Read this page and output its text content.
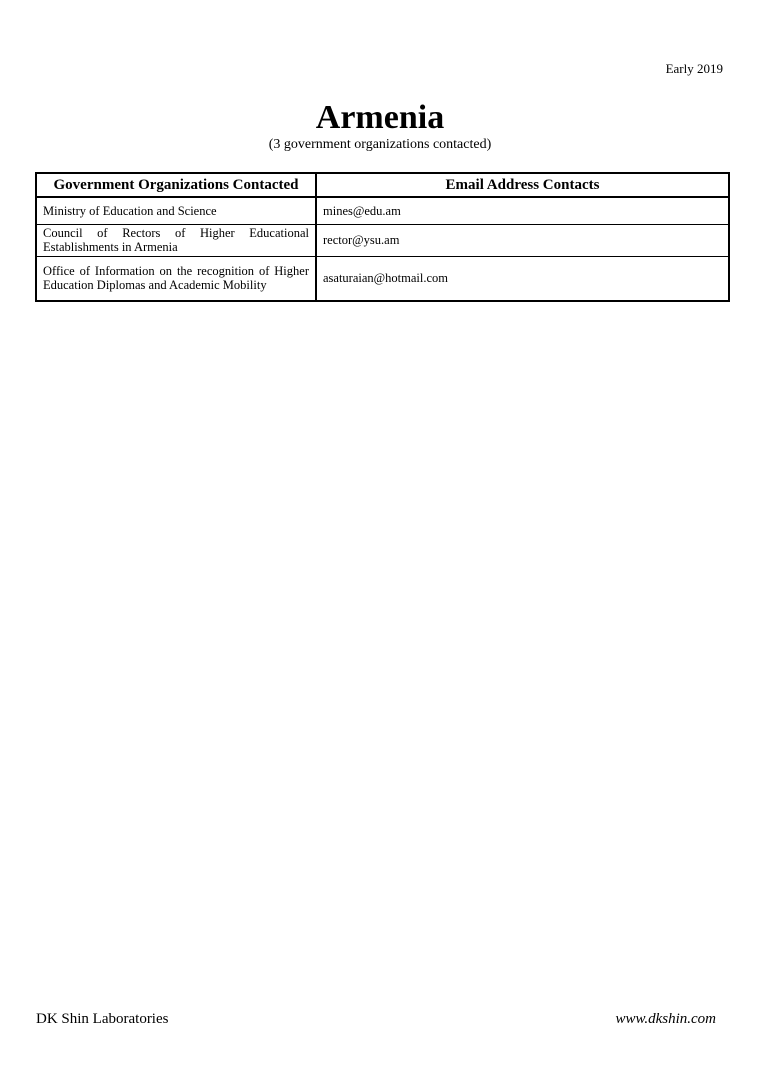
Early 2019
Armenia
(3 government organizations contacted)
Government Organizations Contacted	Email Address Contacts
Ministry of Education and Science	mines@edu.am
Council of Rectors of Higher Educational Establishments in Armenia	rector@ysu.am
Office of Information on the recognition of Higher Education Diplomas and Academic Mobility	asaturaian@hotmail.com
DK Shin Laboratories	www.dkshin.com
